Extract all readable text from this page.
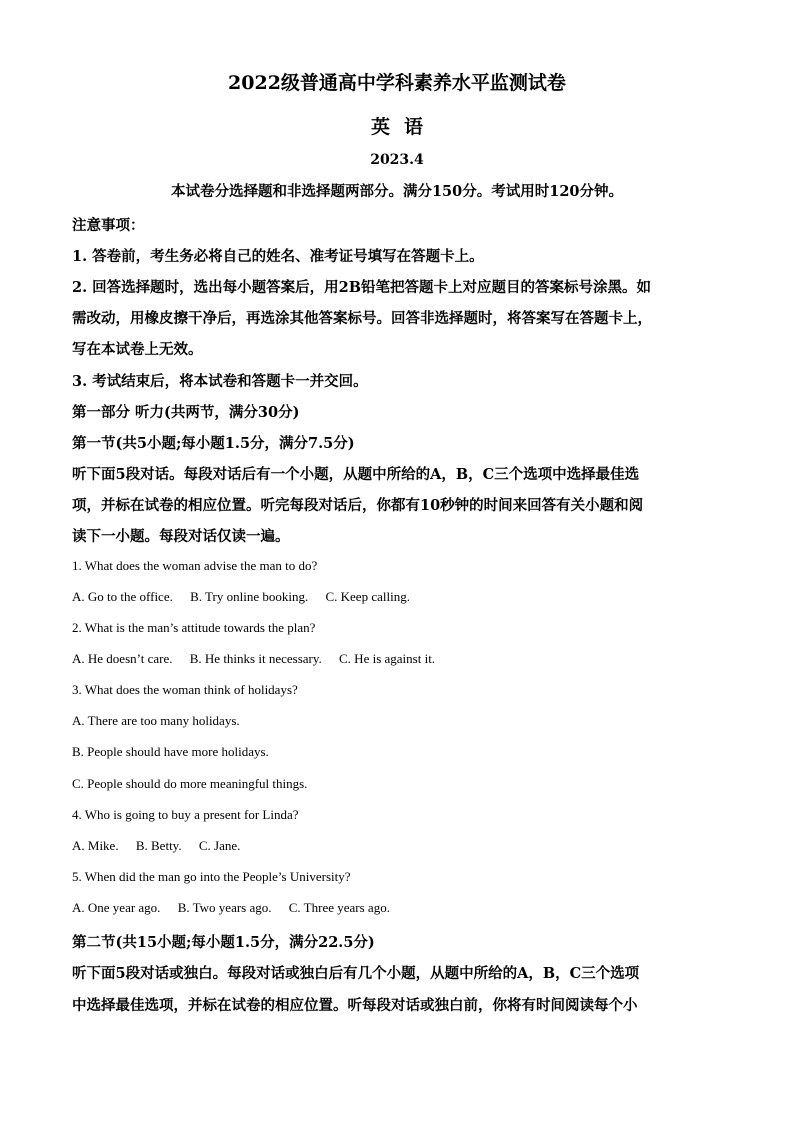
2022级普通高中学科素养水平监测试卷
英语
2023.4
本试卷分选择题和非选择题两部分。满分150分。考试用时120分钟。
注意事项：
1. 答卷前，考生务必将自己的姓名、准考证号填写在答题卡上。
2. 回答选择题时，选出每小题答案后，用2B铅笔把答题卡上对应题目的答案标号涂黑。如
需改动，用橡皮擦干净后，再选涂其他答案标号。回答非选择题时，将答案写在答题卡上，
写在本试卷上无效。
3. 考试结束后，将本试卷和答题卡一并交回。
第一部分 听力(共两节，满分30分)
第一节(共5小题;每小题1.5分，满分7.5分)
听下面5段对话。每段对话后有一个小题，从题中所给的A，B，C三个选项中选择最佳选
项，并标在试卷的相应位置。听完每段对话后，你都有10秒钟的时间来回答有关小题和阅
读下一小题。每段对话仅读一遍。
1. What does the woman advise the man to do?
A. Go to the office. B. Try online booking. C. Keep calling.
2. What is the man’s attitude towards the plan?
A. He doesn’t care. B. He thinks it necessary. C. He is against it.
3. What does the woman think of holidays?
A. There are too many holidays.
B. People should have more holidays.
C. People should do more meaningful things.
4. Who is going to buy a present for Linda?
A. Mike. B. Betty. C. Jane.
5. When did the man go into the People’s University?
A. One year ago. B. Two years ago. C. Three years ago.
第二节(共15小题;每小题1.5分，满分22.5分)
听下面5段对话或独白。每段对话或独白后有几个小题，从题中所给的A，B，C三个选项
中选择最佳选项，并标在试卷的相应位置。听每段对话或独白前，你将有时间阅读每个小
